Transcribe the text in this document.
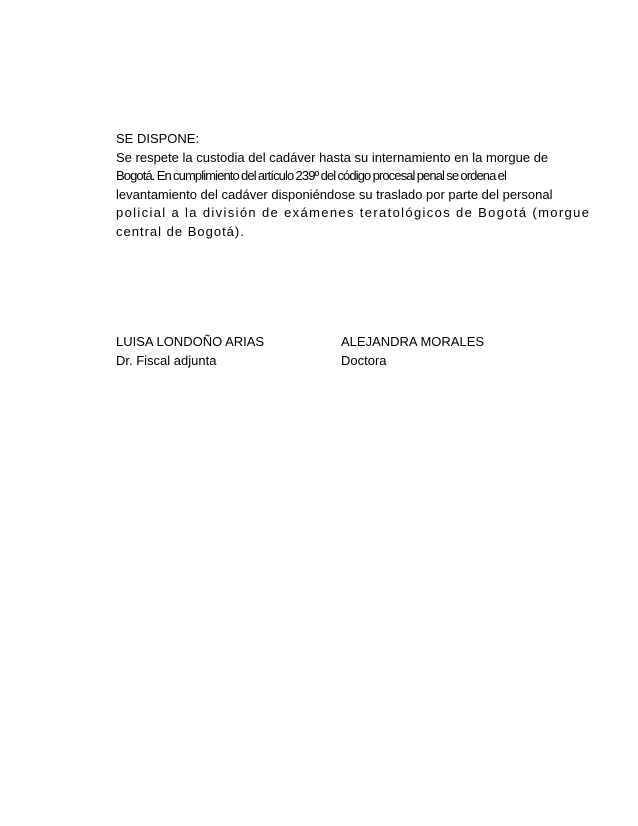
SE DISPONE:
Se respete la custodia del cadáver hasta su internamiento en la morgue de
Bogotá. En cumplimiento del artículo 239º del código procesal penal se ordena el
levantamiento del cadáver disponiéndose su traslado por parte del personal
policial a la división de exámenes teratológicos de Bogotá (morgue
central de Bogotá).
LUISA LONDOÑO ARIAS
Dr. Fiscal adjunta
ALEJANDRA MORALES
Doctora
